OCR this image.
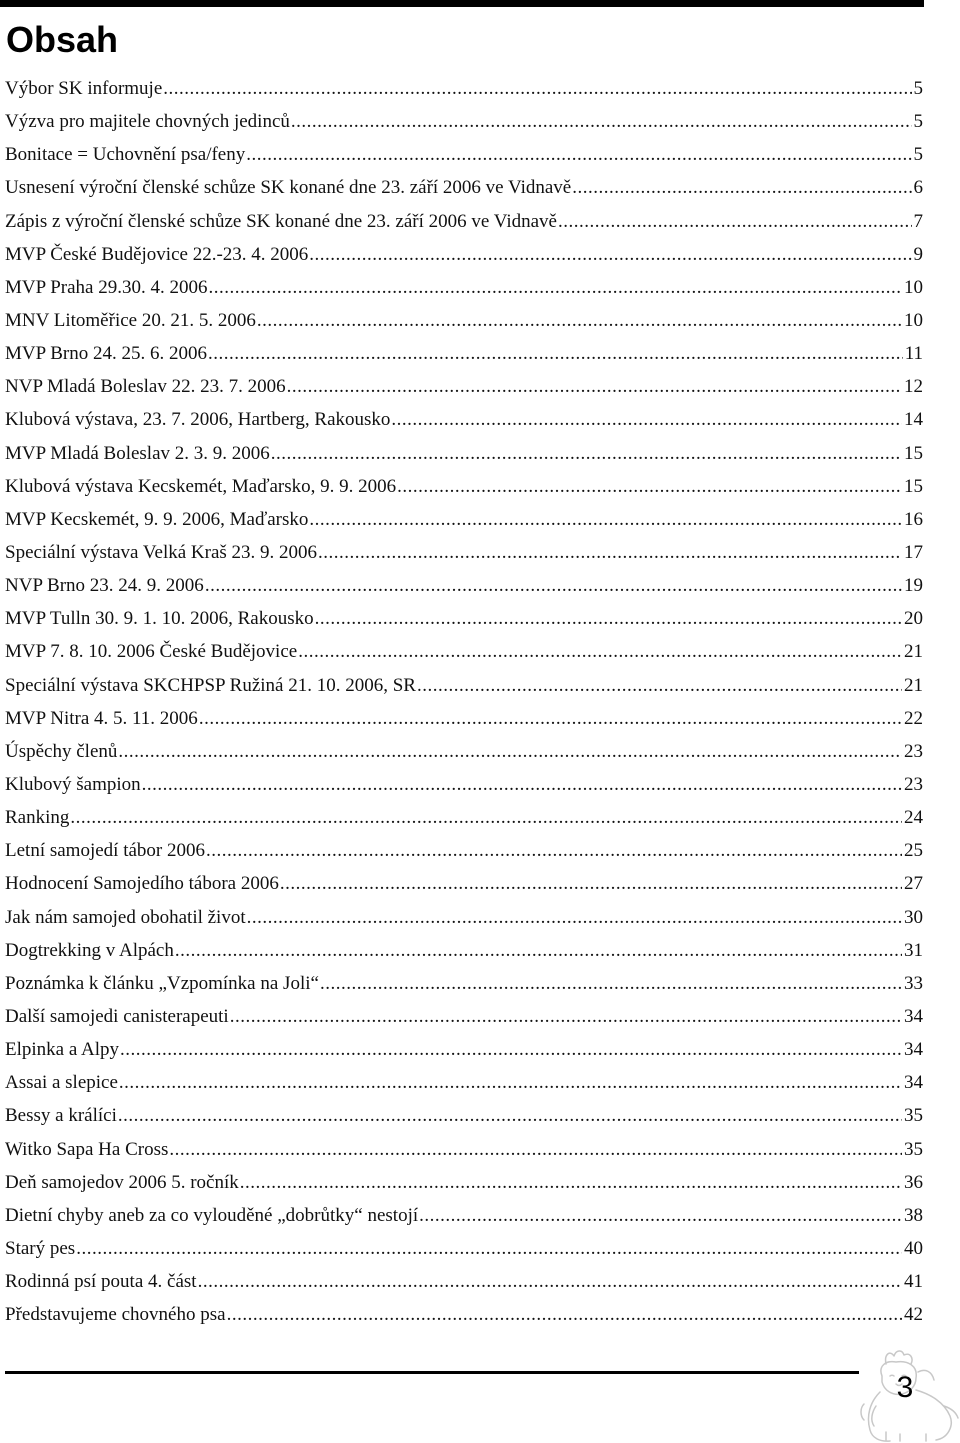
Obsah
Výbor SK informuje .....	5
Výzva pro majitele chovných jedinců .....	5
Bonitace = Uchovnění psa/feny .....	5
Usnesení výroční členské schůze SK konané dne 23. září 2006 ve Vidnavě .....	6
Zápis z výroční členské schůze SK konané dne 23. září 2006 ve Vidnavě .....	7
MVP České Budějovice 22.-23. 4. 2006 .....	9
MVP Praha 29.30. 4. 2006 .....	10
MNV Litoměřice 20. 21. 5. 2006 .....	10
MVP Brno 24. 25. 6. 2006 .....	11
NVP Mladá Boleslav 22. 23. 7. 2006 .....	12
Klubová výstava, 23. 7. 2006, Hartberg, Rakousko .....	14
MVP Mladá Boleslav 2. 3. 9. 2006 .....	15
Klubová výstava Kecskemét, Maďarsko, 9. 9. 2006 .....	15
MVP Kecskemét, 9. 9. 2006, Maďarsko .....	16
Speciální výstava Velká Kraš 23. 9. 2006 .....	17
NVP Brno 23. 24. 9. 2006 .....	19
MVP Tulln 30. 9. 1. 10. 2006, Rakousko .....	20
MVP 7. 8. 10. 2006 České Budějovice .....	21
Speciální výstava SKCHPSP Ružiná 21. 10. 2006, SR .....	21
MVP Nitra 4. 5. 11. 2006 .....	22
Úspěchy členů .....	23
Klubový šampion .....	23
Ranking .....	24
Letní samojedí tábor 2006 .....	25
Hodnocení Samojedího tábora 2006 .....	27
Jak nám samojed obohatil život .....	30
Dogtrekking v Alpách .....	31
Poznámka k článku „Vzpomínka na Joli“ .....	33
Další samojedi canisterapeuti .....	34
Elpinka a Alpy .....	34
Assai a slepice .....	34
Bessy a králíci .....	35
Witko Sapa Ha Cross .....	35
Deň samojedov 2006 5. ročník .....	36
Dietní chyby aneb za co vylouděné „dobrůtky“ nestojí .....	38
Starý pes .....	40
Rodinná psí pouta 4. část .....	41
Představujeme chovného psa .....	42
3
